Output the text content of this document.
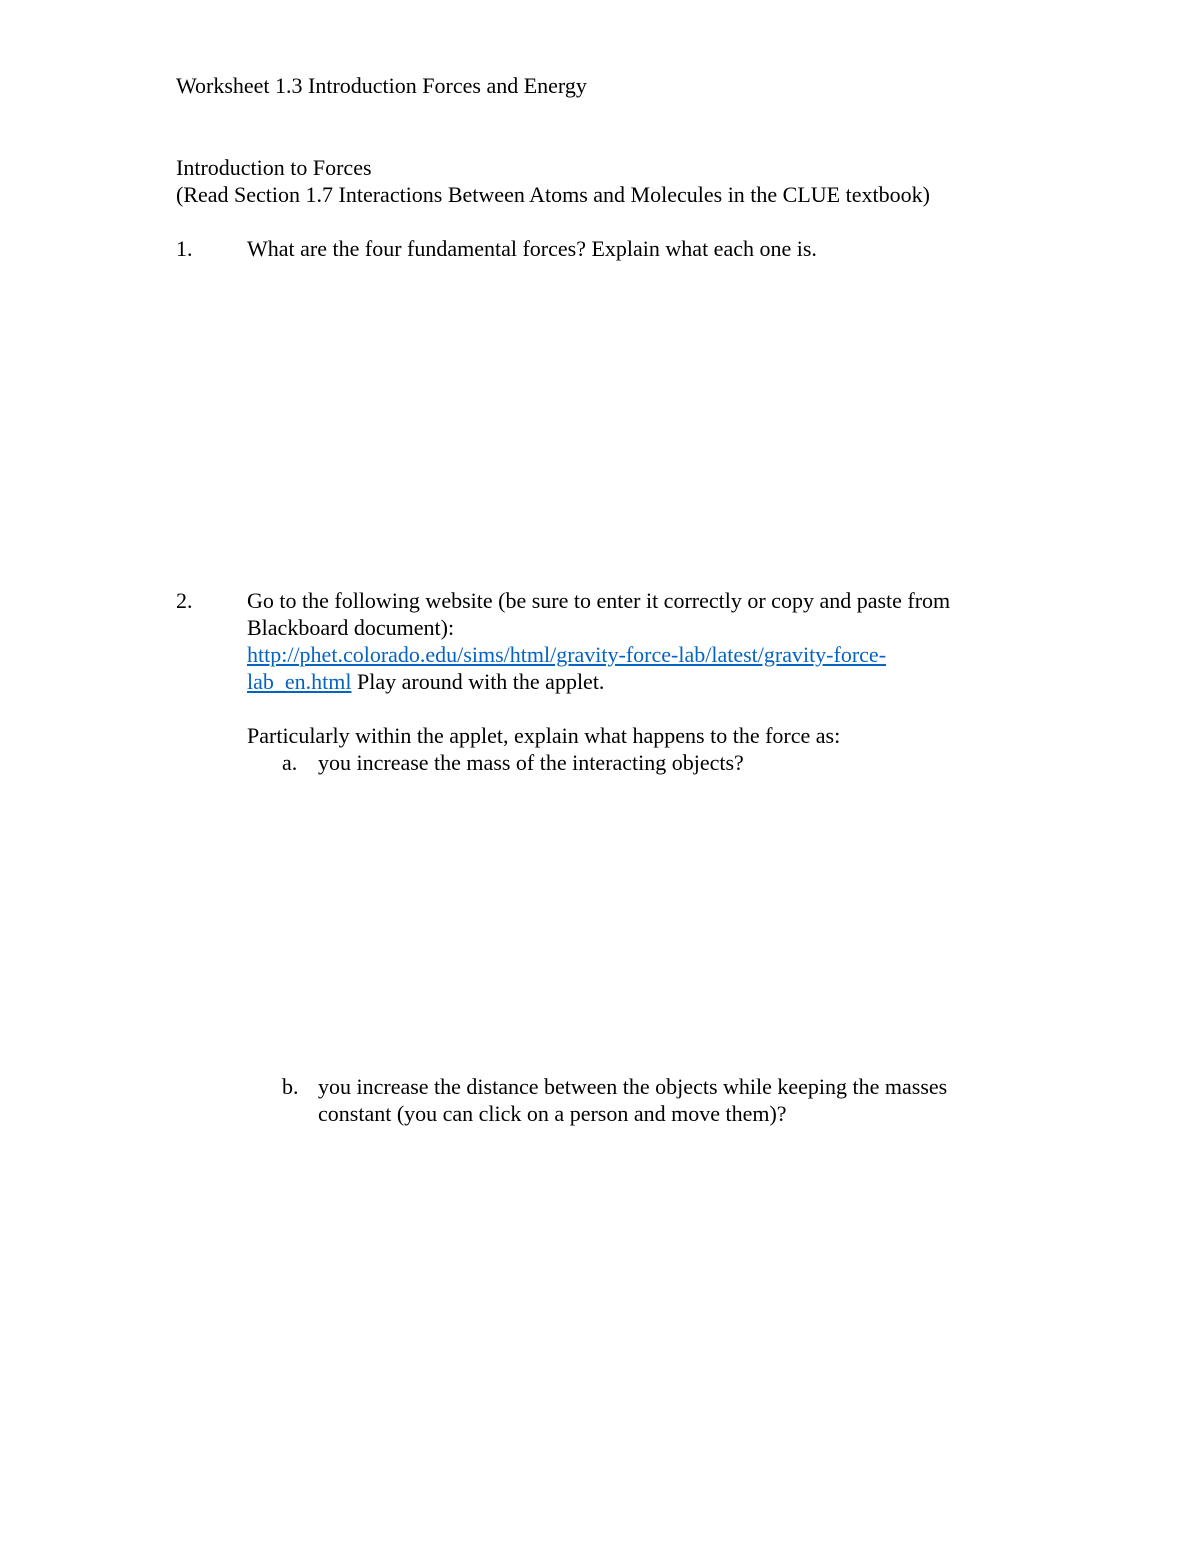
Worksheet 1.3 Introduction Forces and Energy
Introduction to Forces
(Read Section 1.7 Interactions Between Atoms and Molecules in the CLUE textbook)
1. What are the four fundamental forces? Explain what each one is.
2. Go to the following website (be sure to enter it correctly or copy and paste from
Blackboard document):
http://phet.colorado.edu/sims/html/gravity-force-lab/latest/gravity-force-
lab_en.html Play around with the applet.
Particularly within the applet, explain what happens to the force as:
a. you increase the mass of the interacting objects?
b. you increase the distance between the objects while keeping the masses
constant (you can click on a person and move them)?
